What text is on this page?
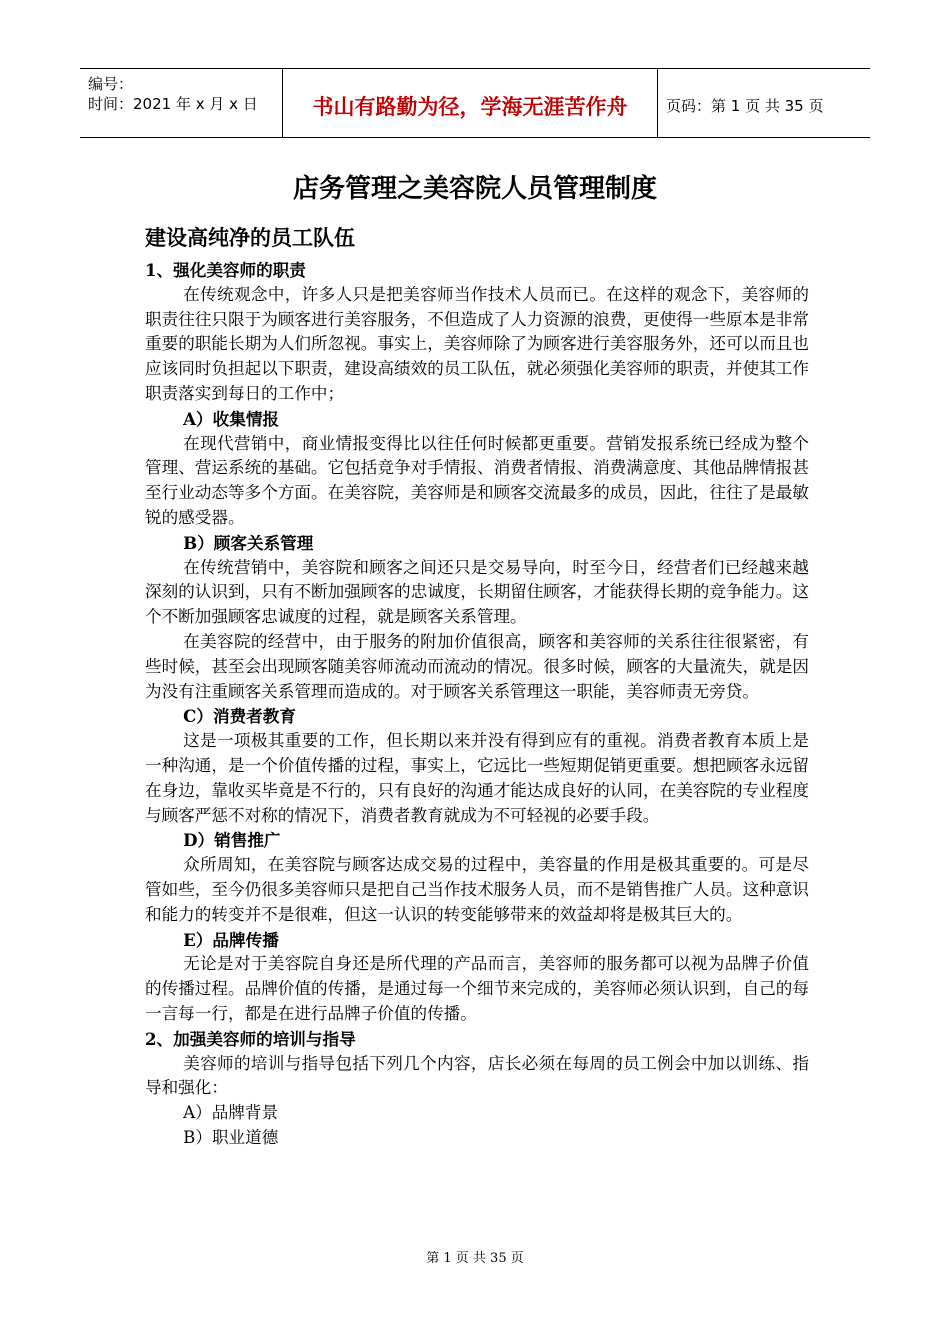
编号：
时间：2021 年 x 月 x 日	书山有路勤为径，学海无涯苦作舟	页码：第 1 页 共 35 页
店务管理之美容院人员管理制度
建设高纯净的员工队伍

1、强化美容师的职责

在传统观念中，许多人只是把美容师当作技术人员而已。在这样的观念下，美容师的职责往往只限于为顾客进行美容服务，不但造成了人力资源的浪费，更使得一些原本是非常重要的职能长期为人们所忽视。事实上，美容师除了为顾客进行美容服务外，还可以而且也应该同时负担起以下职责，建设高绩效的员工队伍，就必须强化美容师的职责，并使其工作职责落实到每日的工作中；

A）收集情报

在现代营销中，商业情报变得比以往任何时候都更重要。营销发报系统已经成为整个管理、营运系统的基础。它包括竞争对手情报、消费者情报、消费满意度、其他品牌情报甚至行业动态等多个方面。在美容院，美容师是和顾客交流最多的成员，因此，往往了是最敏锐的感受器。

B）顾客关系管理

在传统营销中，美容院和顾客之间还只是交易导向，时至今日，经营者们已经越来越深刻的认识到，只有不断加强顾客的忠诚度，长期留住顾客，才能获得长期的竞争能力。这个不断加强顾客忠诚度的过程，就是顾客关系管理。

在美容院的经营中，由于服务的附加价值很高，顾客和美容师的关系往往很紧密，有些时候，甚至会出现顾客随美容师流动而流动的情况。很多时候，顾客的大量流失，就是因为没有注重顾客关系管理而造成的。对于顾客关系管理这一职能，美容师责无旁贷。

C）消费者教育

这是一项极其重要的工作，但长期以来并没有得到应有的重视。消费者教育本质上是一种沟通，是一个价值传播的过程，事实上，它远比一些短期促销更重要。想把顾客永远留在身边，靠收买毕竟是不行的，只有良好的沟通才能达成良好的认同，在美容院的专业程度与顾客严惩不对称的情况下，消费者教育就成为不可轻视的必要手段。

D）销售推广

众所周知，在美容院与顾客达成交易的过程中，美容量的作用是极其重要的。可是尽管如些，至今仍很多美容师只是把自己当作技术服务人员，而不是销售推广人员。这种意识和能力的转变并不是很难，但这一认识的转变能够带来的效益却将是极其巨大的。

E）品牌传播

无论是对于美容院自身还是所代理的产品而言，美容师的服务都可以视为品牌子价值的传播过程。品牌价值的传播，是通过每一个细节来完成的，美容师必须认识到，自己的每一言每一行，都是在进行品牌子价值的传播。

2、加强美容师的培训与指导

美容师的培训与指导包括下列几个内容，店长必须在每周的员工例会中加以训练、指导和强化：

A）品牌背景

B）职业道德

第 1 页 共 35 页
